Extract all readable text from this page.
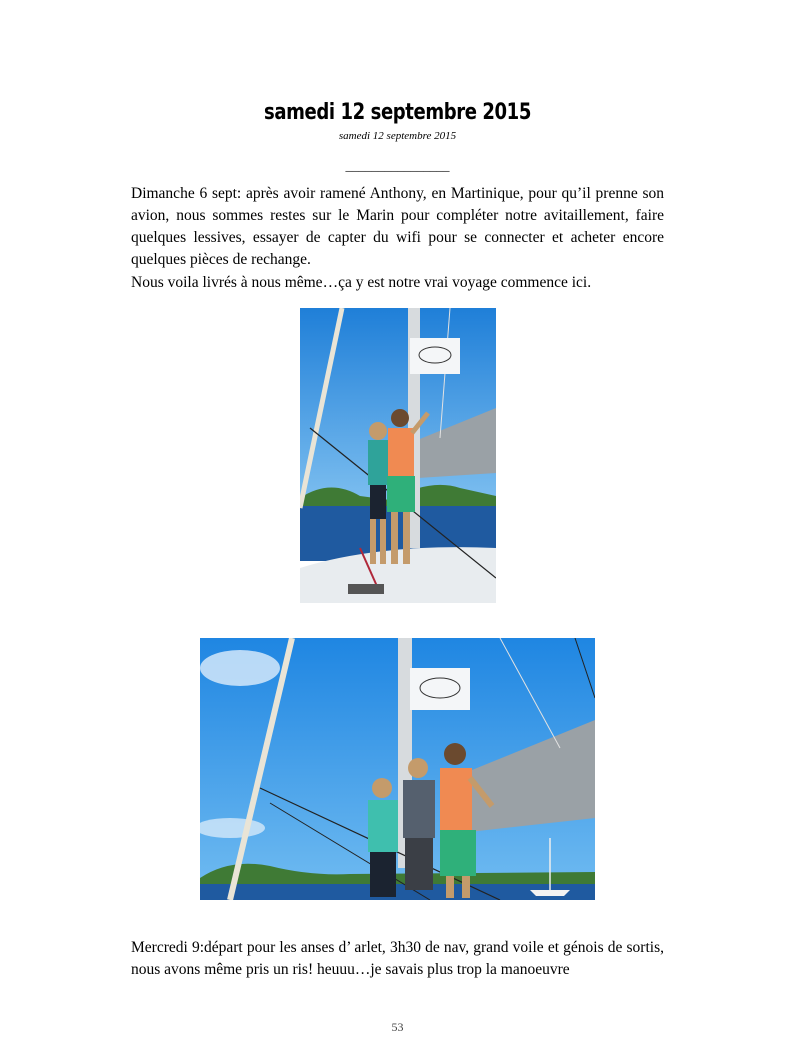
samedi 12 septembre 2015
samedi 12 septembre 2015
________________
Dimanche 6 sept: après avoir ramené Anthony, en Martinique, pour qu’il prenne son avion, nous sommes restes sur le Marin pour compléter notre avitaillement, faire quelques lessives, essayer de capter du wifi pour se connecter et acheter encore quelques pièces de rechange.
Nous voila livrés à nous même…ça y est notre vrai voyage commence ici.
Mercredi 9:départ pour les anses d’ arlet, 3h30 de nav, grand voile et génois de sortis, nous avons même pris un ris! heuuu…je savais plus trop la manoeuvre
53
